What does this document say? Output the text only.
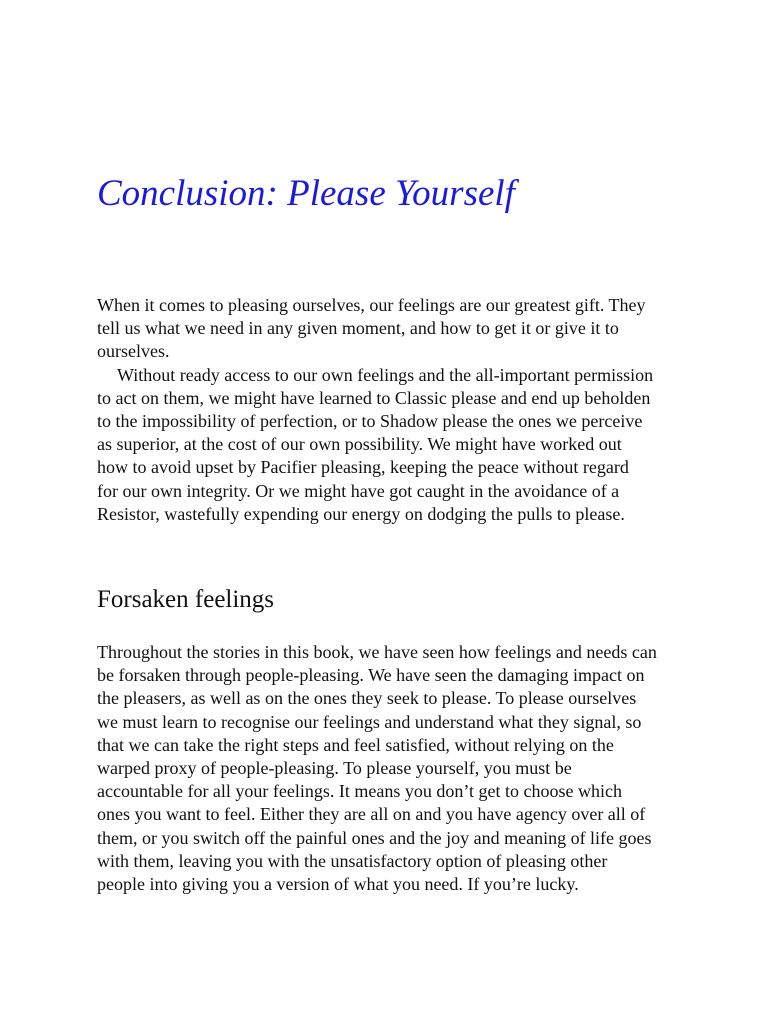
Conclusion: Please Yourself

When it comes to pleasing ourselves, our feelings are our greatest gift. They
tell us what we need in any given moment, and how to get it or give it to
ourselves.

Without ready access to our own feelings and the all-important permission
to act on them, we might have learned to Classic please and end up beholden
to the impossibility of perfection, or to Shadow please the ones we perceive
as superior, at the cost of our own possibility. We might have worked out
how to avoid upset by Pacifier pleasing, keeping the peace without regard
for our own integrity. Or we might have got caught in the avoidance of a
Resistor, wastefully expending our energy on dodging the pulls to please.

Forsaken feelings

Throughout the stories in this book, we have seen how feelings and needs can
be forsaken through people-pleasing. We have seen the damaging impact on
the pleasers, as well as on the ones they seek to please. To please ourselves
we must learn to recognise our feelings and understand what they signal, so
that we can take the right steps and feel satisfied, without relying on the
warped proxy of people-pleasing. To please yourself, you must be
accountable for all your feelings. It means you don’t get to choose which
ones you want to feel. Either they are all on and you have agency over all of
them, or you switch off the painful ones and the joy and meaning of life goes
with them, leaving you with the unsatisfactory option of pleasing other
people into giving you a version of what you need. If you’re lucky.
